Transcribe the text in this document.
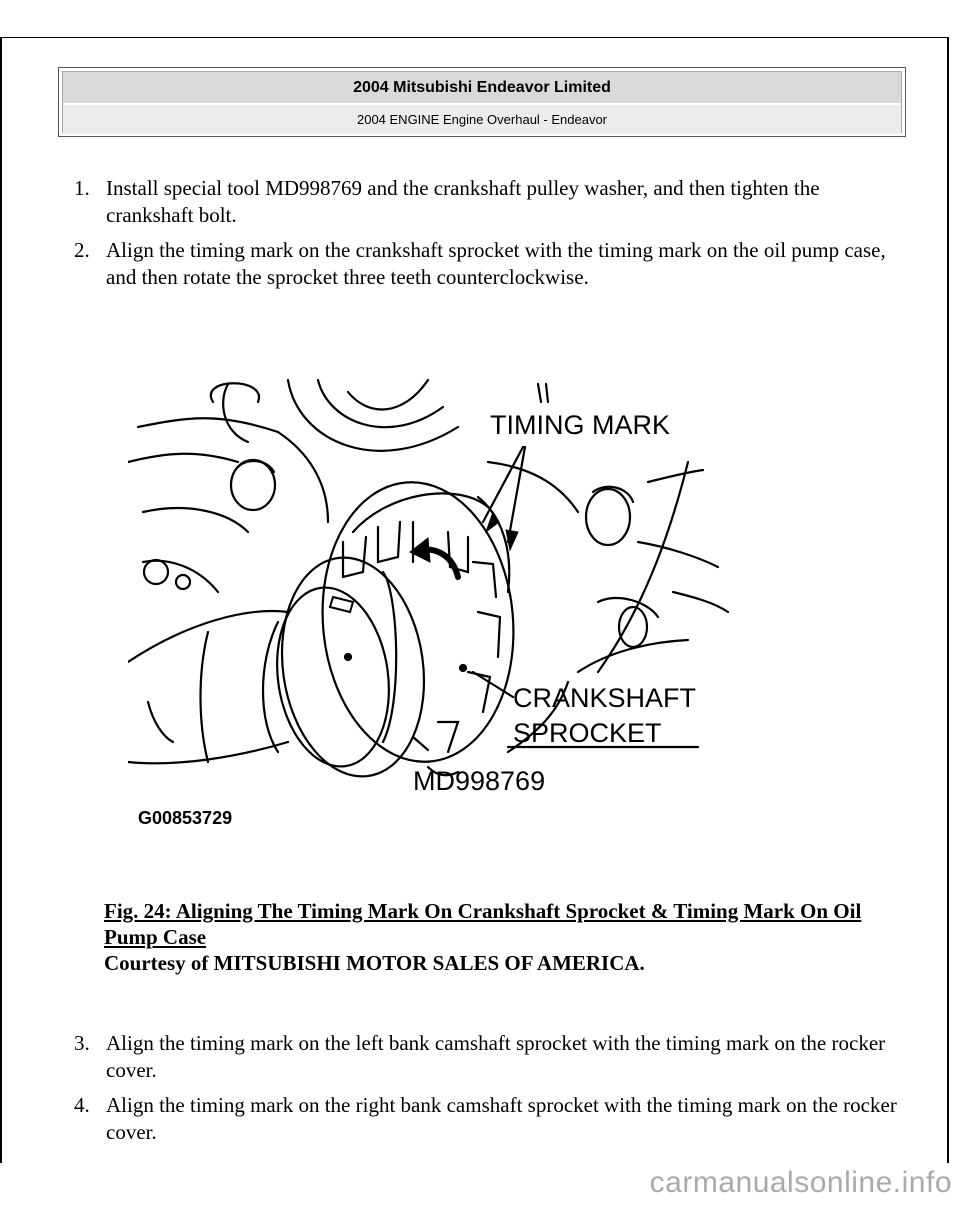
2004 Mitsubishi Endeavor Limited
2004 ENGINE Engine Overhaul - Endeavor
1. Install special tool MD998769 and the crankshaft pulley washer, and then tighten the crankshaft bolt.
2. Align the timing mark on the crankshaft sprocket with the timing mark on the oil pump case, and then rotate the sprocket three teeth counterclockwise.
TIMING MARK
CRANKSHAFT
SPROCKET
MD998769
G00853729
Fig. 24: Aligning The Timing Mark On Crankshaft Sprocket & Timing Mark On Oil Pump Case
Courtesy of MITSUBISHI MOTOR SALES OF AMERICA.
3. Align the timing mark on the left bank camshaft sprocket with the timing mark on the rocker cover.
4. Align the timing mark on the right bank camshaft sprocket with the timing mark on the rocker cover.
carmanualsonline.info
